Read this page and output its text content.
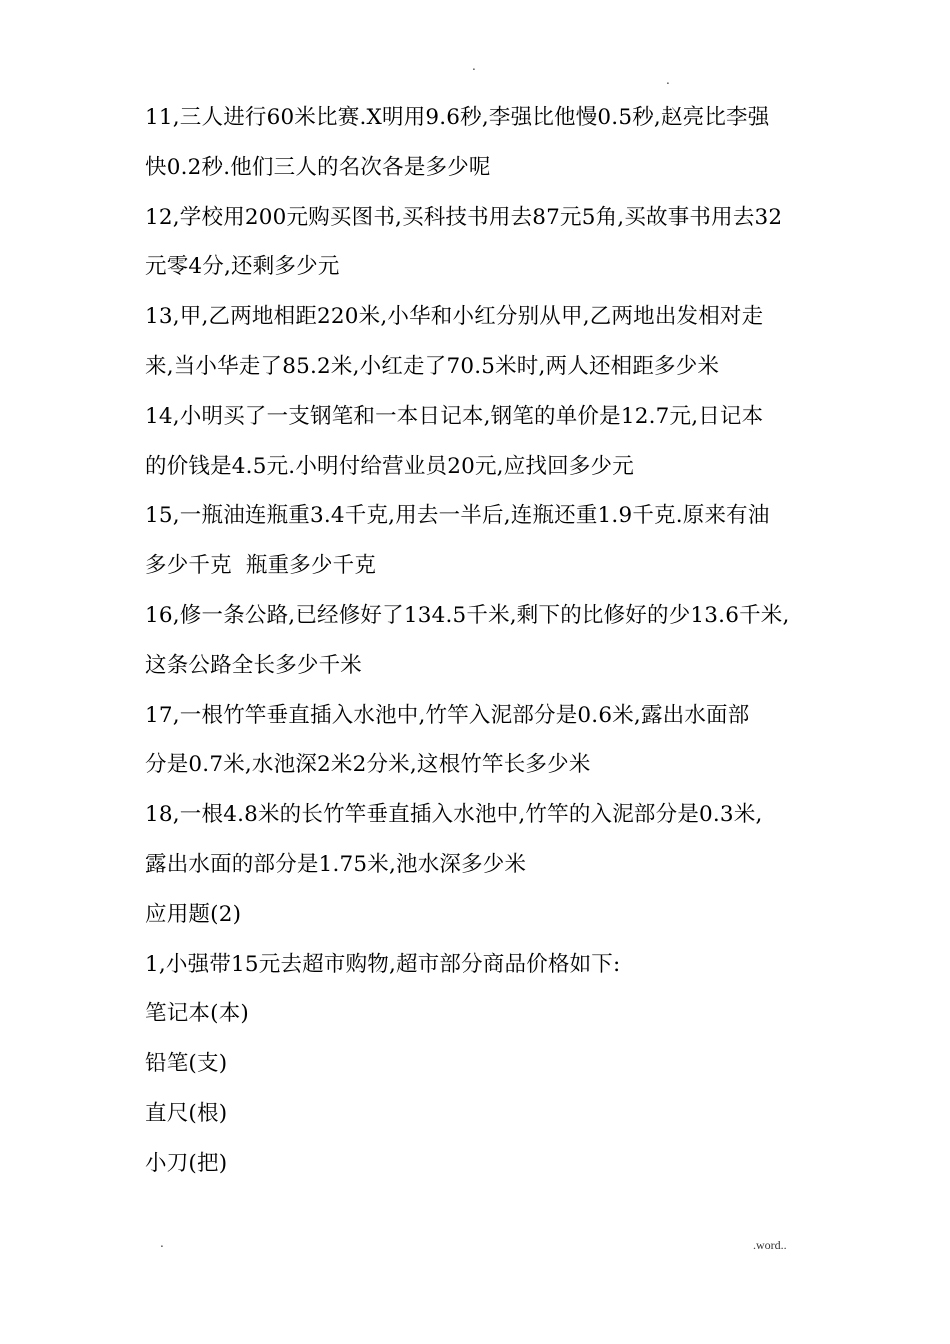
.
.
11,三人进行60米比赛.X明用9.6秒,李强比他慢0.5秒,赵亮比李强
快0.2秒.他们三人的名次各是多少呢
12,学校用200元购买图书,买科技书用去87元5角,买故事书用去32
元零4分,还剩多少元
13,甲,乙两地相距220米,小华和小红分别从甲,乙两地出发相对走
来,当小华走了85.2米,小红走了70.5米时,两人还相距多少米
14,小明买了一支钢笔和一本日记本,钢笔的单价是12.7元,日记本
的价钱是4.5元.小明付给营业员20元,应找回多少元
15,一瓶油连瓶重3.4千克,用去一半后,连瓶还重1.9千克.原来有油
多少千克  瓶重多少千克
16,修一条公路,已经修好了134.5千米,剩下的比修好的少13.6千米,
这条公路全长多少千米
17,一根竹竿垂直插入水池中,竹竿入泥部分是0.6米,露出水面部
分是0.7米,水池深2米2分米,这根竹竿长多少米
18,一根4.8米的长竹竿垂直插入水池中,竹竿的入泥部分是0.3米,
露出水面的部分是1.75米,池水深多少米
应用题(2)
1,小强带15元去超市购物,超市部分商品价格如下:
笔记本(本)
铅笔(支)
直尺(根)
小刀(把)
.	.word..
